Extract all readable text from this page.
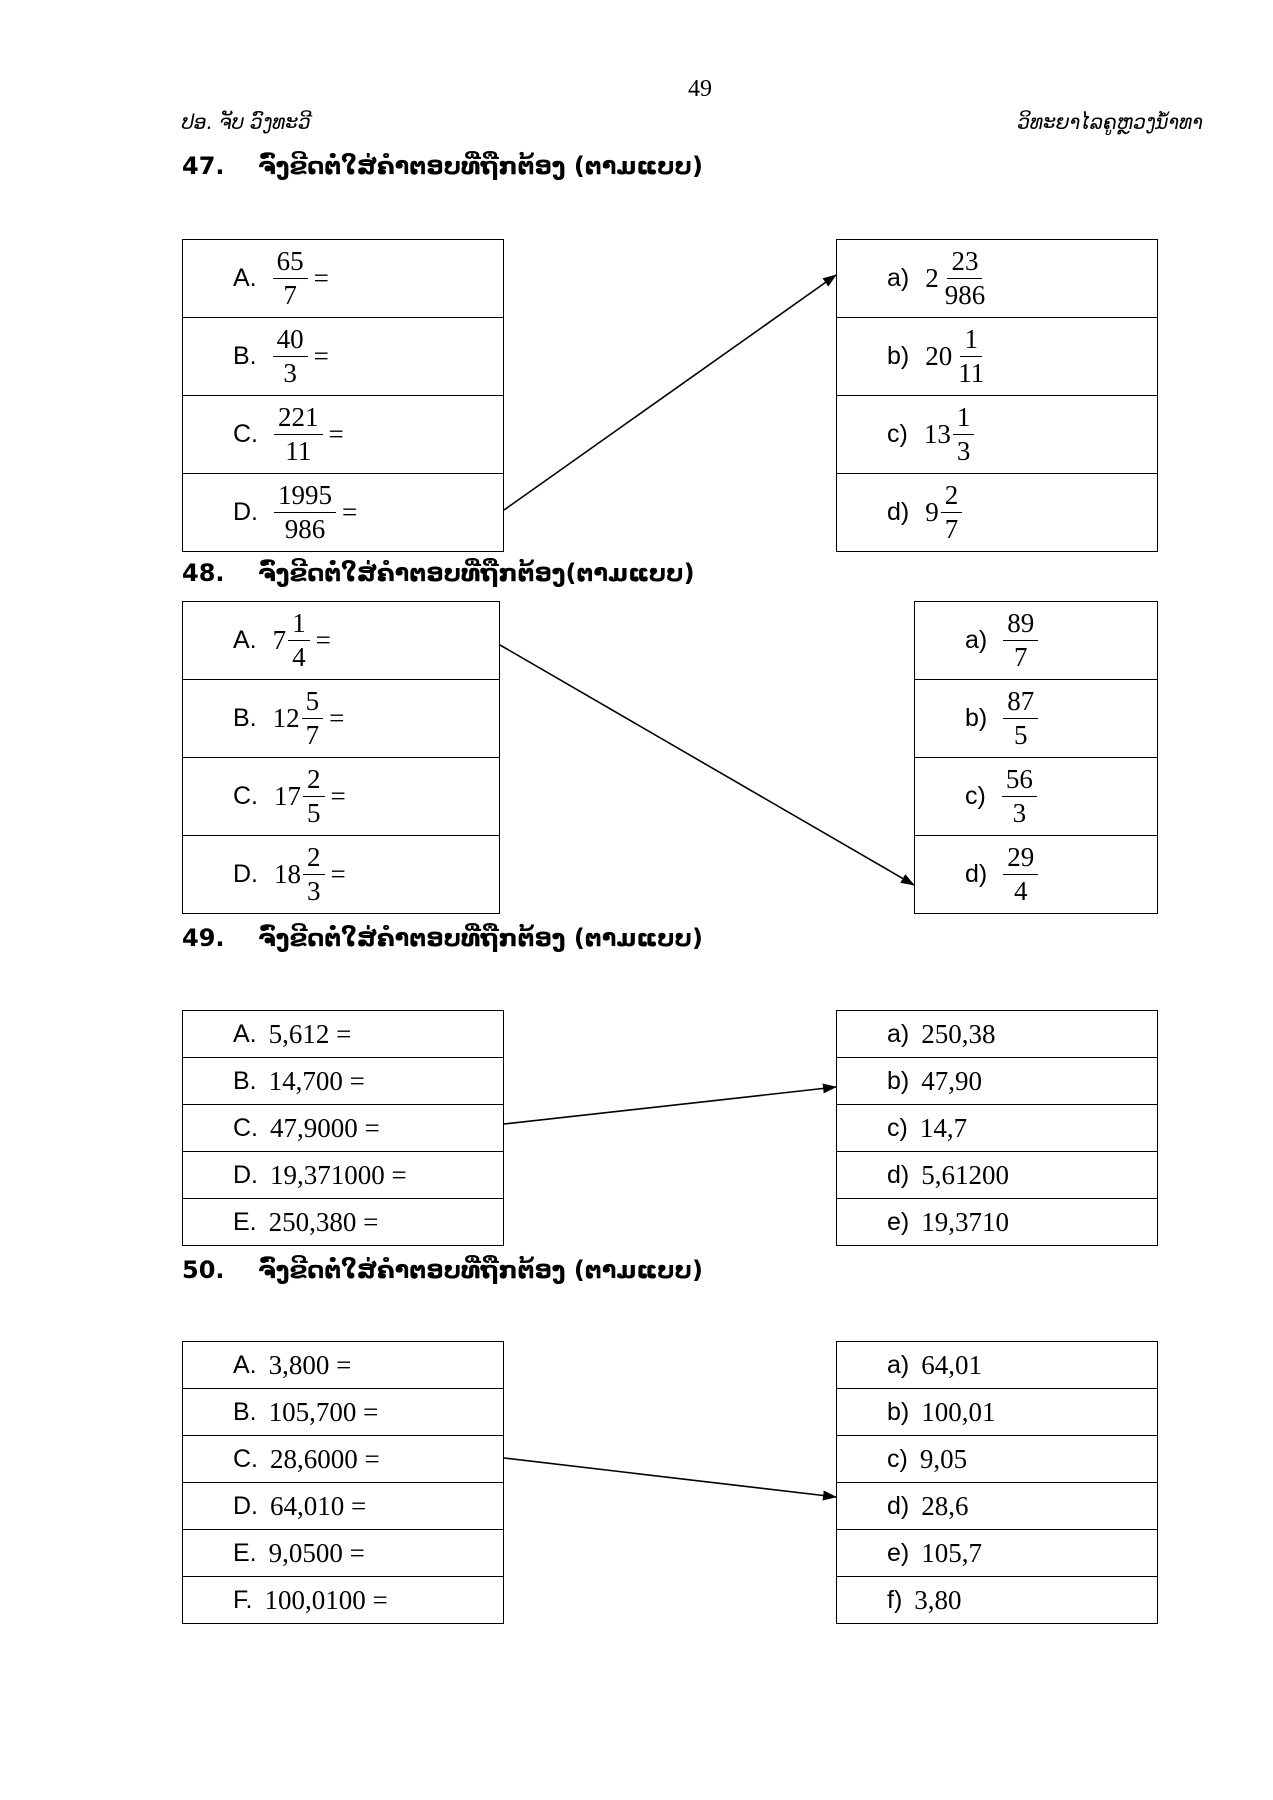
49
ປອ. ຈັບ ວົງທະວີ	ວິທະຍາໄລຄູຫຼວງນ້ຳທາ
47. ຈົ່ງຂີດຕໍ່ໃສ່ຄຳຕອບທີ່ຖືກຕ້ອງ (ຕາມແບບ)
A. $\frac{65}{7}$ =

B. $\frac{40}{3}$ =

C. $\frac{221}{11}$ =

D. $\frac{1995}{986}$ =
a) $2 \frac{23}{986}$

b) $20 \frac{1}{11}$

c) $13 \frac{1}{3}$

d) $9 \frac{2}{7}$
48. ຈົ່ງຂີດຕໍ່ໃສ່ຄຳຕອບທີ່ຖືກຕ້ອງ(ຕາມແບບ)
A. $7 \frac{1}{4}$ =

B. $12 \frac{5}{7}$ =

C. $17 \frac{2}{5}$ =

D. $18 \frac{2}{3}$ =
$a) \frac{89}{7}$

$b) \frac{87}{5}$

$c) \frac{56}{3}$

$d) \frac{29}{4}$
49. ຈົ່ງຂີດຕໍ່ໃສ່ຄຳຕອບທີ່ຖືກຕ້ອງ (ຕາມແບບ)
A. 5,612 =

B. 14,700 =

C. 47,9000 =

D. 19,371000 =

E. 250,380 =
a) 250,38

b) 47,90

c) 14,7

d) 5,61200

e) 19,3710
50. ຈົ່ງຂີດຕໍ່ໃສ່ຄຳຕອບທີ່ຖືກຕ້ອງ (ຕາມແບບ)
A. 3,800 =

B. 105,700 =

C. 28,6000 =

D. 64,010 =

E. 9,0500 =

F. 100,0100 =
a) 64,01

b) 100,01

c) 9,05

d) 28,6

e) 105,7

f) 3,80
